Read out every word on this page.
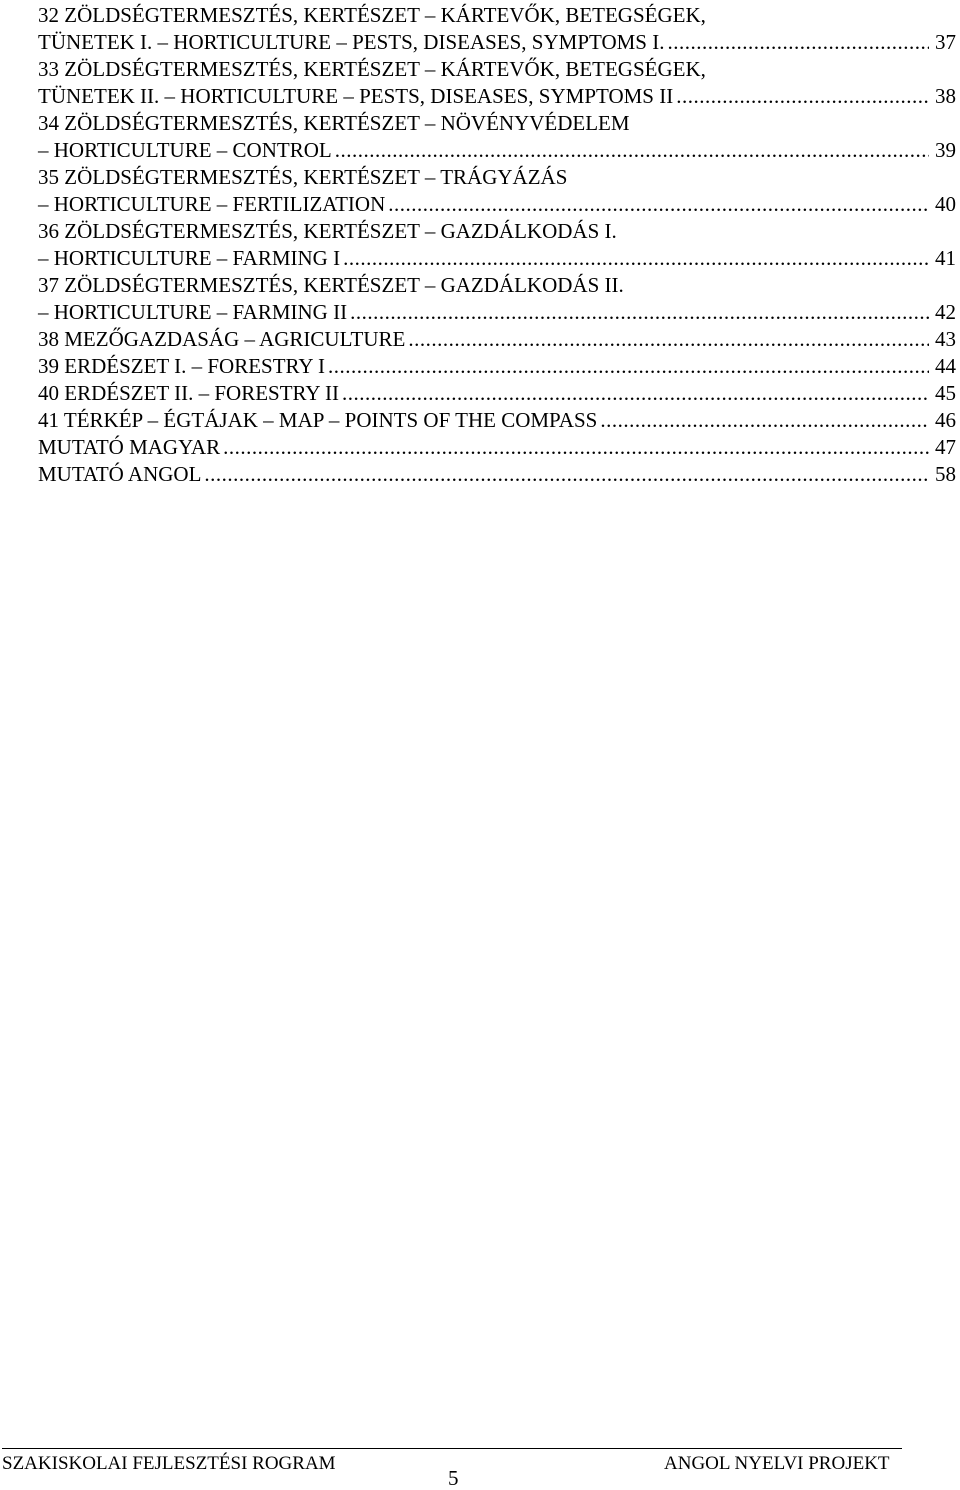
32 ZÖLDSÉGTERMESZTÉS, KERTÉSZET – KÁRTEVŐK, BETEGSÉGEK,
TÜNETEK I. – HORTICULTURE – PESTS, DISEASES, SYMPTOMS I. .....	37
33 ZÖLDSÉGTERMESZTÉS, KERTÉSZET – KÁRTEVŐK, BETEGSÉGEK,
TÜNETEK II. – HORTICULTURE – PESTS, DISEASES, SYMPTOMS II .....	38
34 ZÖLDSÉGTERMESZTÉS, KERTÉSZET – NÖVÉNYVÉDELEM
– HORTICULTURE – CONTROL .....	39
35 ZÖLDSÉGTERMESZTÉS, KERTÉSZET – TRÁGYÁZÁS
– HORTICULTURE – FERTILIZATION .....	40
36 ZÖLDSÉGTERMESZTÉS, KERTÉSZET – GAZDÁLKODÁS I.
– HORTICULTURE – FARMING I .....	41
37 ZÖLDSÉGTERMESZTÉS, KERTÉSZET – GAZDÁLKODÁS II.
– HORTICULTURE – FARMING II .....	42
38 MEZŐGAZDASÁG – AGRICULTURE .....	43
39 ERDÉSZET I. – FORESTRY I .....	44
40 ERDÉSZET II. – FORESTRY II .....	45
41 TÉRKÉP – ÉGTÁJAK – MAP – POINTS OF THE COMPASS .....	46
MUTATÓ MAGYAR .....	47
MUTATÓ ANGOL .....	58
SZAKISKOLAI FEJLESZTÉSI ROGRAM	ANGOL NYELVI PROJEKT
5
